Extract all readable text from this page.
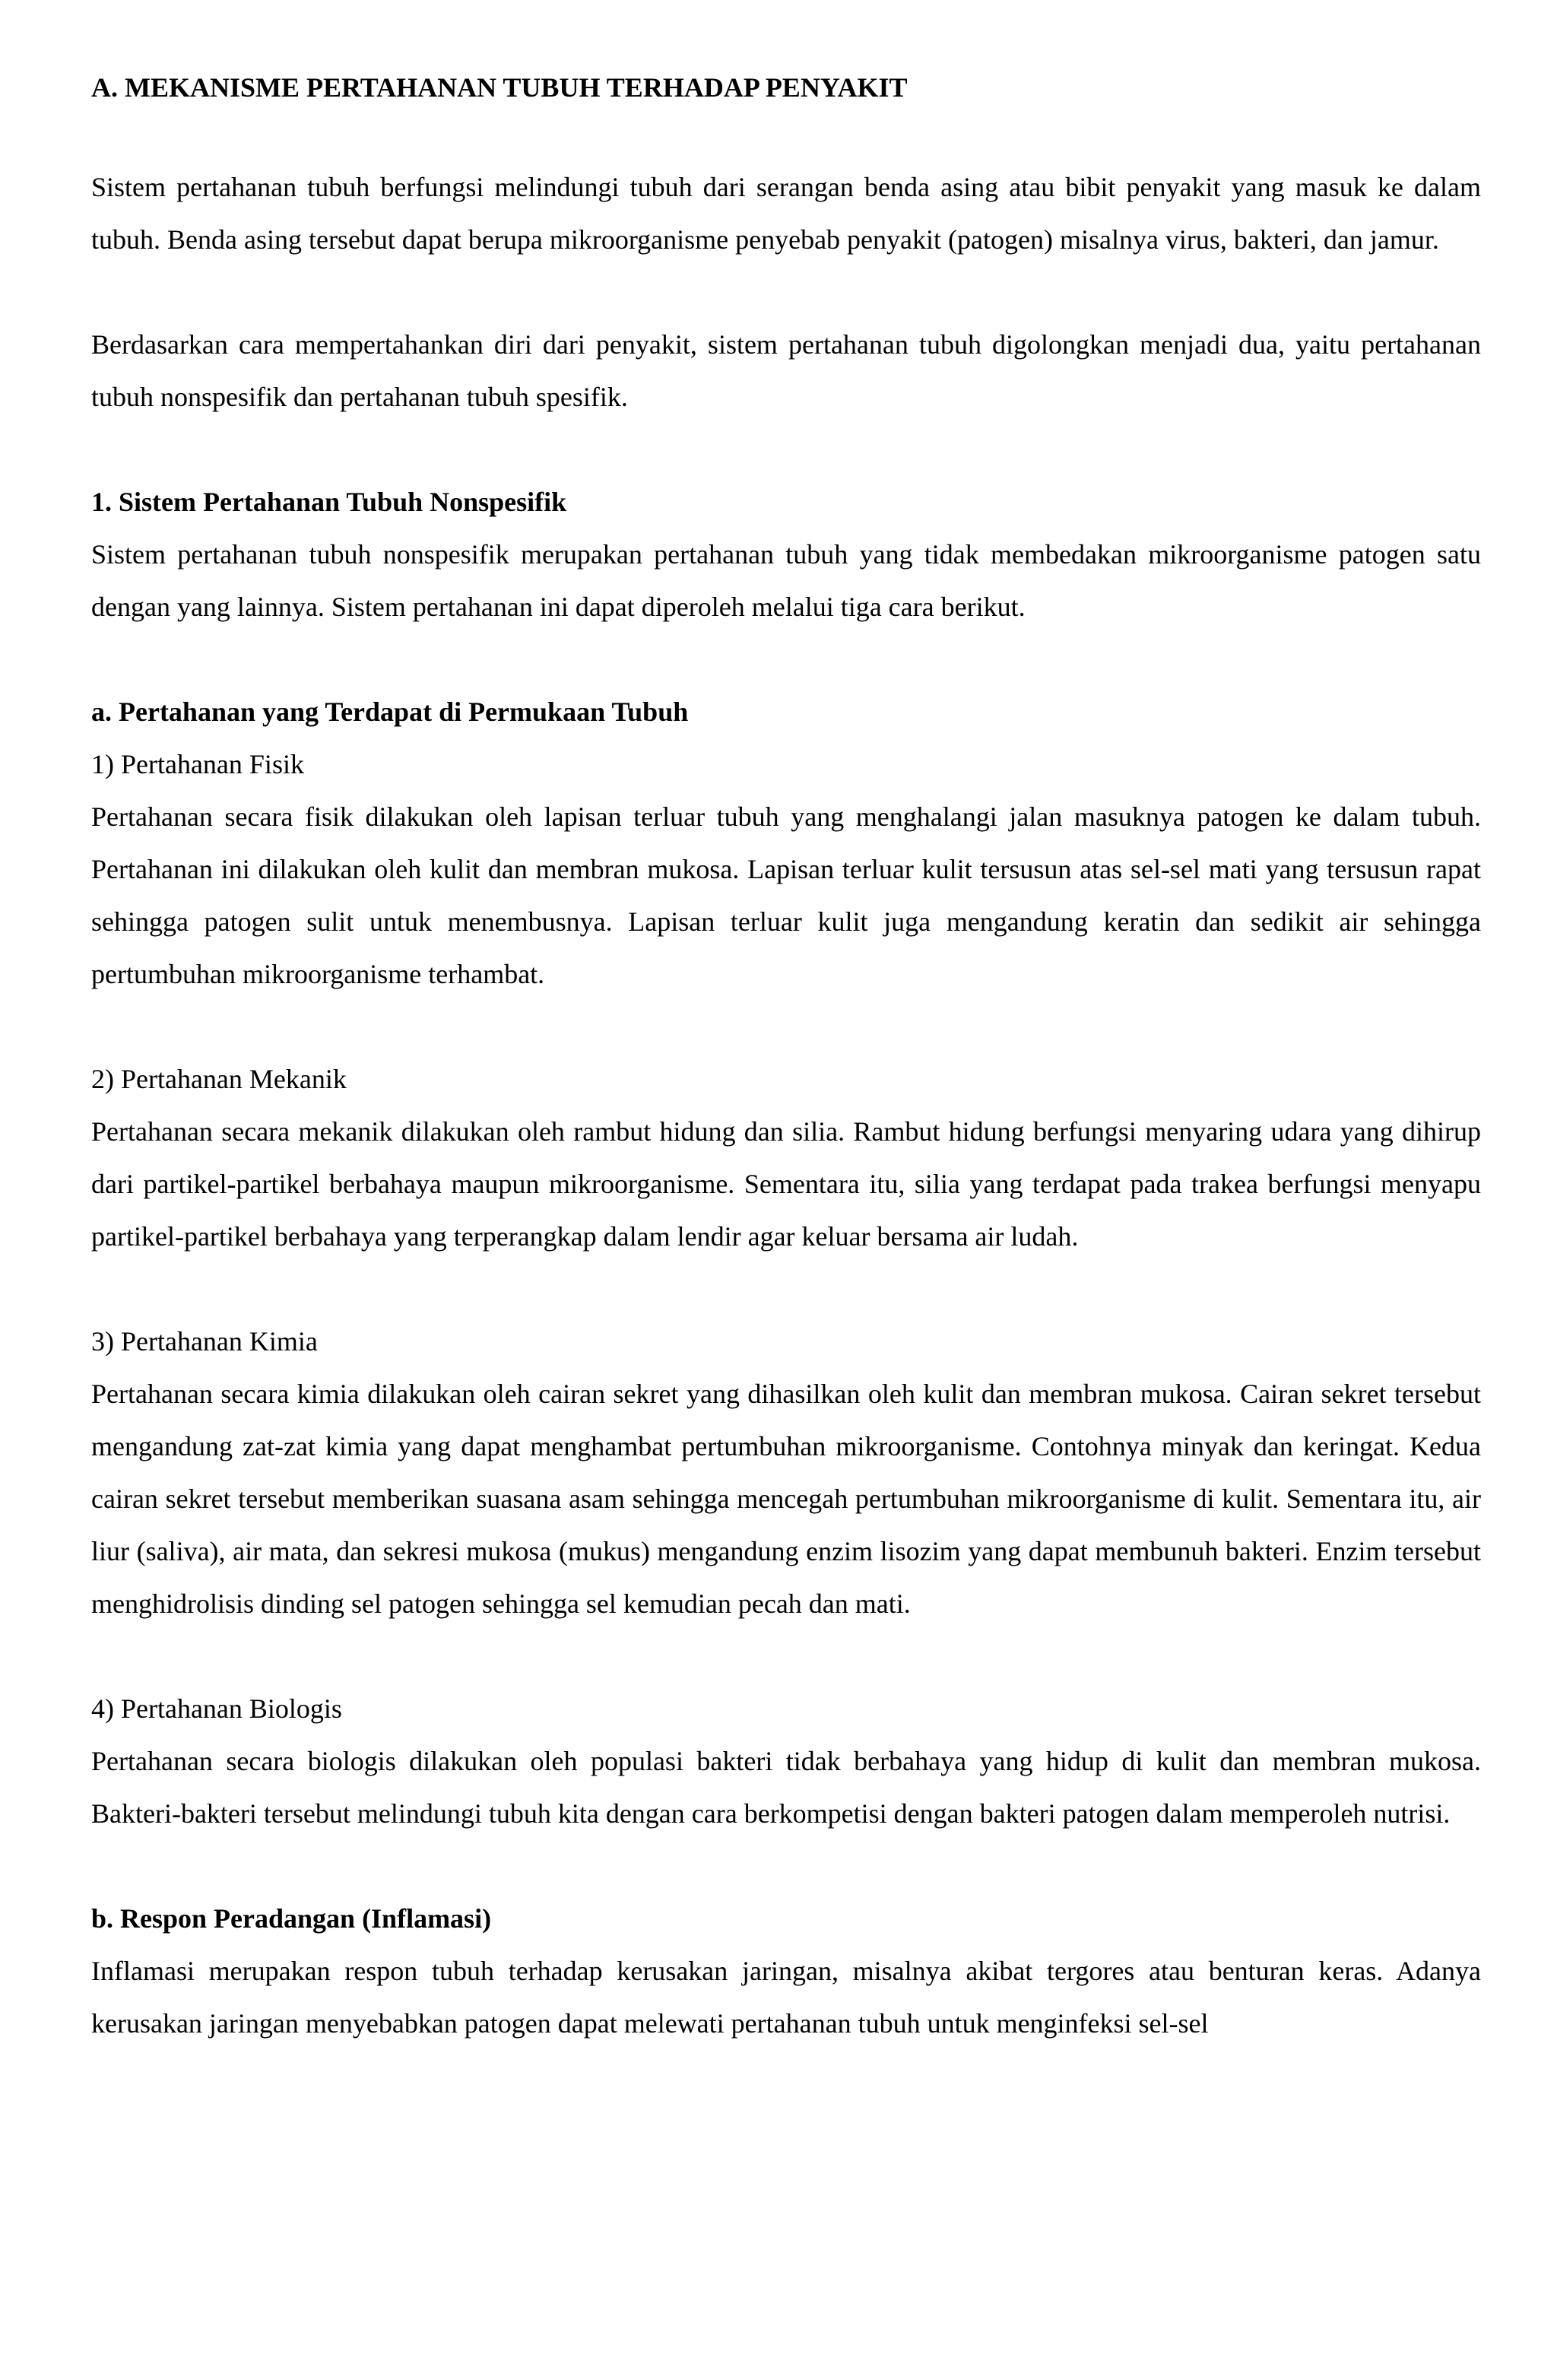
A. MEKANISME PERTAHANAN TUBUH TERHADAP PENYAKIT

Sistem pertahanan tubuh berfungsi melindungi tubuh dari serangan benda asing atau bibit penyakit yang masuk ke dalam tubuh. Benda asing tersebut dapat berupa mikroorganisme penyebab penyakit (patogen) misalnya virus, bakteri, dan jamur.

Berdasarkan cara mempertahankan diri dari penyakit, sistem pertahanan tubuh digolongkan menjadi dua, yaitu pertahanan tubuh nonspesifik dan pertahanan tubuh spesifik.

1. Sistem Pertahanan Tubuh Nonspesifik

Sistem pertahanan tubuh nonspesifik merupakan pertahanan tubuh yang tidak membedakan mikroorganisme patogen satu dengan yang lainnya. Sistem pertahanan ini dapat diperoleh melalui tiga cara berikut.

a. Pertahanan yang Terdapat di Permukaan Tubuh
1) Pertahanan Fisik

Pertahanan secara fisik dilakukan oleh lapisan terluar tubuh yang menghalangi jalan masuknya patogen ke dalam tubuh. Pertahanan ini dilakukan oleh kulit dan membran mukosa. Lapisan terluar kulit tersusun atas sel-sel mati yang tersusun rapat sehingga patogen sulit untuk menembusnya. Lapisan terluar kulit juga mengandung keratin dan sedikit air sehingga pertumbuhan mikroorganisme terhambat.

2) Pertahanan Mekanik

Pertahanan secara mekanik dilakukan oleh rambut hidung dan silia. Rambut hidung berfungsi menyaring udara yang dihirup dari partikel-partikel berbahaya maupun mikroorganisme. Sementara itu, silia yang terdapat pada trakea berfungsi menyapu partikel-partikel berbahaya yang terperangkap dalam lendir agar keluar bersama air ludah.

3) Pertahanan Kimia

Pertahanan secara kimia dilakukan oleh cairan sekret yang dihasilkan oleh kulit dan membran mukosa. Cairan sekret tersebut mengandung zat-zat kimia yang dapat menghambat pertumbuhan mikroorganisme. Contohnya minyak dan keringat. Kedua cairan sekret tersebut memberikan suasana asam sehingga mencegah pertumbuhan mikroorganisme di kulit. Sementara itu, air liur (saliva), air mata, dan sekresi mukosa (mukus) mengandung enzim lisozim yang dapat membunuh bakteri. Enzim tersebut menghidrolisis dinding sel patogen sehingga sel kemudian pecah dan mati.

4) Pertahanan Biologis

Pertahanan secara biologis dilakukan oleh populasi bakteri tidak berbahaya yang hidup di kulit dan membran mukosa. Bakteri-bakteri tersebut melindungi tubuh kita dengan cara berkompetisi dengan bakteri patogen dalam memperoleh nutrisi.

b. Respon Peradangan (Inflamasi)

Inflamasi merupakan respon tubuh terhadap kerusakan jaringan, misalnya akibat tergores atau benturan keras. Adanya kerusakan jaringan menyebabkan patogen dapat melewati pertahanan tubuh untuk menginfeksi sel-sel
